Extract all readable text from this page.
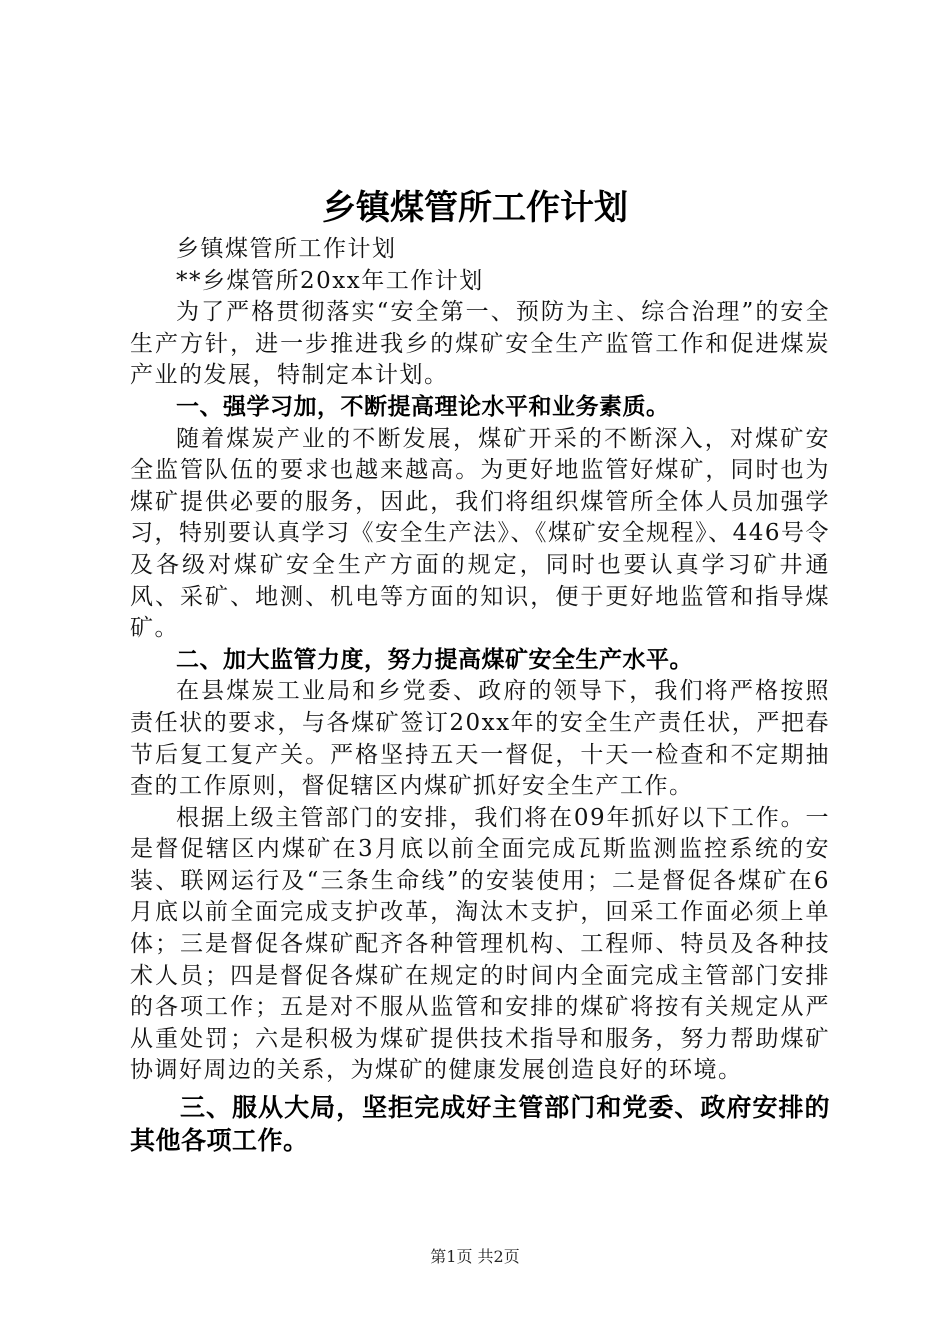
乡镇煤管所工作计划

乡镇煤管所工作计划

**乡煤管所20xx年工作计划

为了严格贯彻落实“安全第一、预防为主、综合治理”的安全生产方针，进一步推进我乡的煤矿安全生产监管工作和促进煤炭产业的发展，特制定本计划。

一、强学习加，不断提高理论水平和业务素质。

随着煤炭产业的不断发展，煤矿开采的不断深入，对煤矿安全监管队伍的要求也越来越高。为更好地监管好煤矿，同时也为煤矿提供必要的服务，因此，我们将组织煤管所全体人员加强学习，特别要认真学习《安全生产法》、《煤矿安全规程》、446号令及各级对煤矿安全生产方面的规定，同时也要认真学习矿井通风、采矿、地测、机电等方面的知识，便于更好地监管和指导煤矿。

二、加大监管力度，努力提高煤矿安全生产水平。

在县煤炭工业局和乡党委、政府的领导下，我们将严格按照责任状的要求，与各煤矿签订20xx年的安全生产责任状，严把春节后复工复产关。严格坚持五天一督促，十天一检查和不定期抽查的工作原则，督促辖区内煤矿抓好安全生产工作。

根据上级主管部门的安排，我们将在09年抓好以下工作。一是督促辖区内煤矿在3月底以前全面完成瓦斯监测监控系统的安装、联网运行及“三条生命线”的安装使用；二是督促各煤矿在6月底以前全面完成支护改革，淘汰木支护，回采工作面必须上单体；三是督促各煤矿配齐各种管理机构、工程师、特员及各种技术人员；四是督促各煤矿在规定的时间内全面完成主管部门安排的各项工作；五是对不服从监管和安排的煤矿将按有关规定从严从重处罚；六是积极为煤矿提供技术指导和服务，努力帮助煤矿协调好周边的关系，为煤矿的健康发展创造良好的环境。

三、服从大局，坚拒完成好主管部门和党委、政府安排的其他各项工作。

第1页 共2页
